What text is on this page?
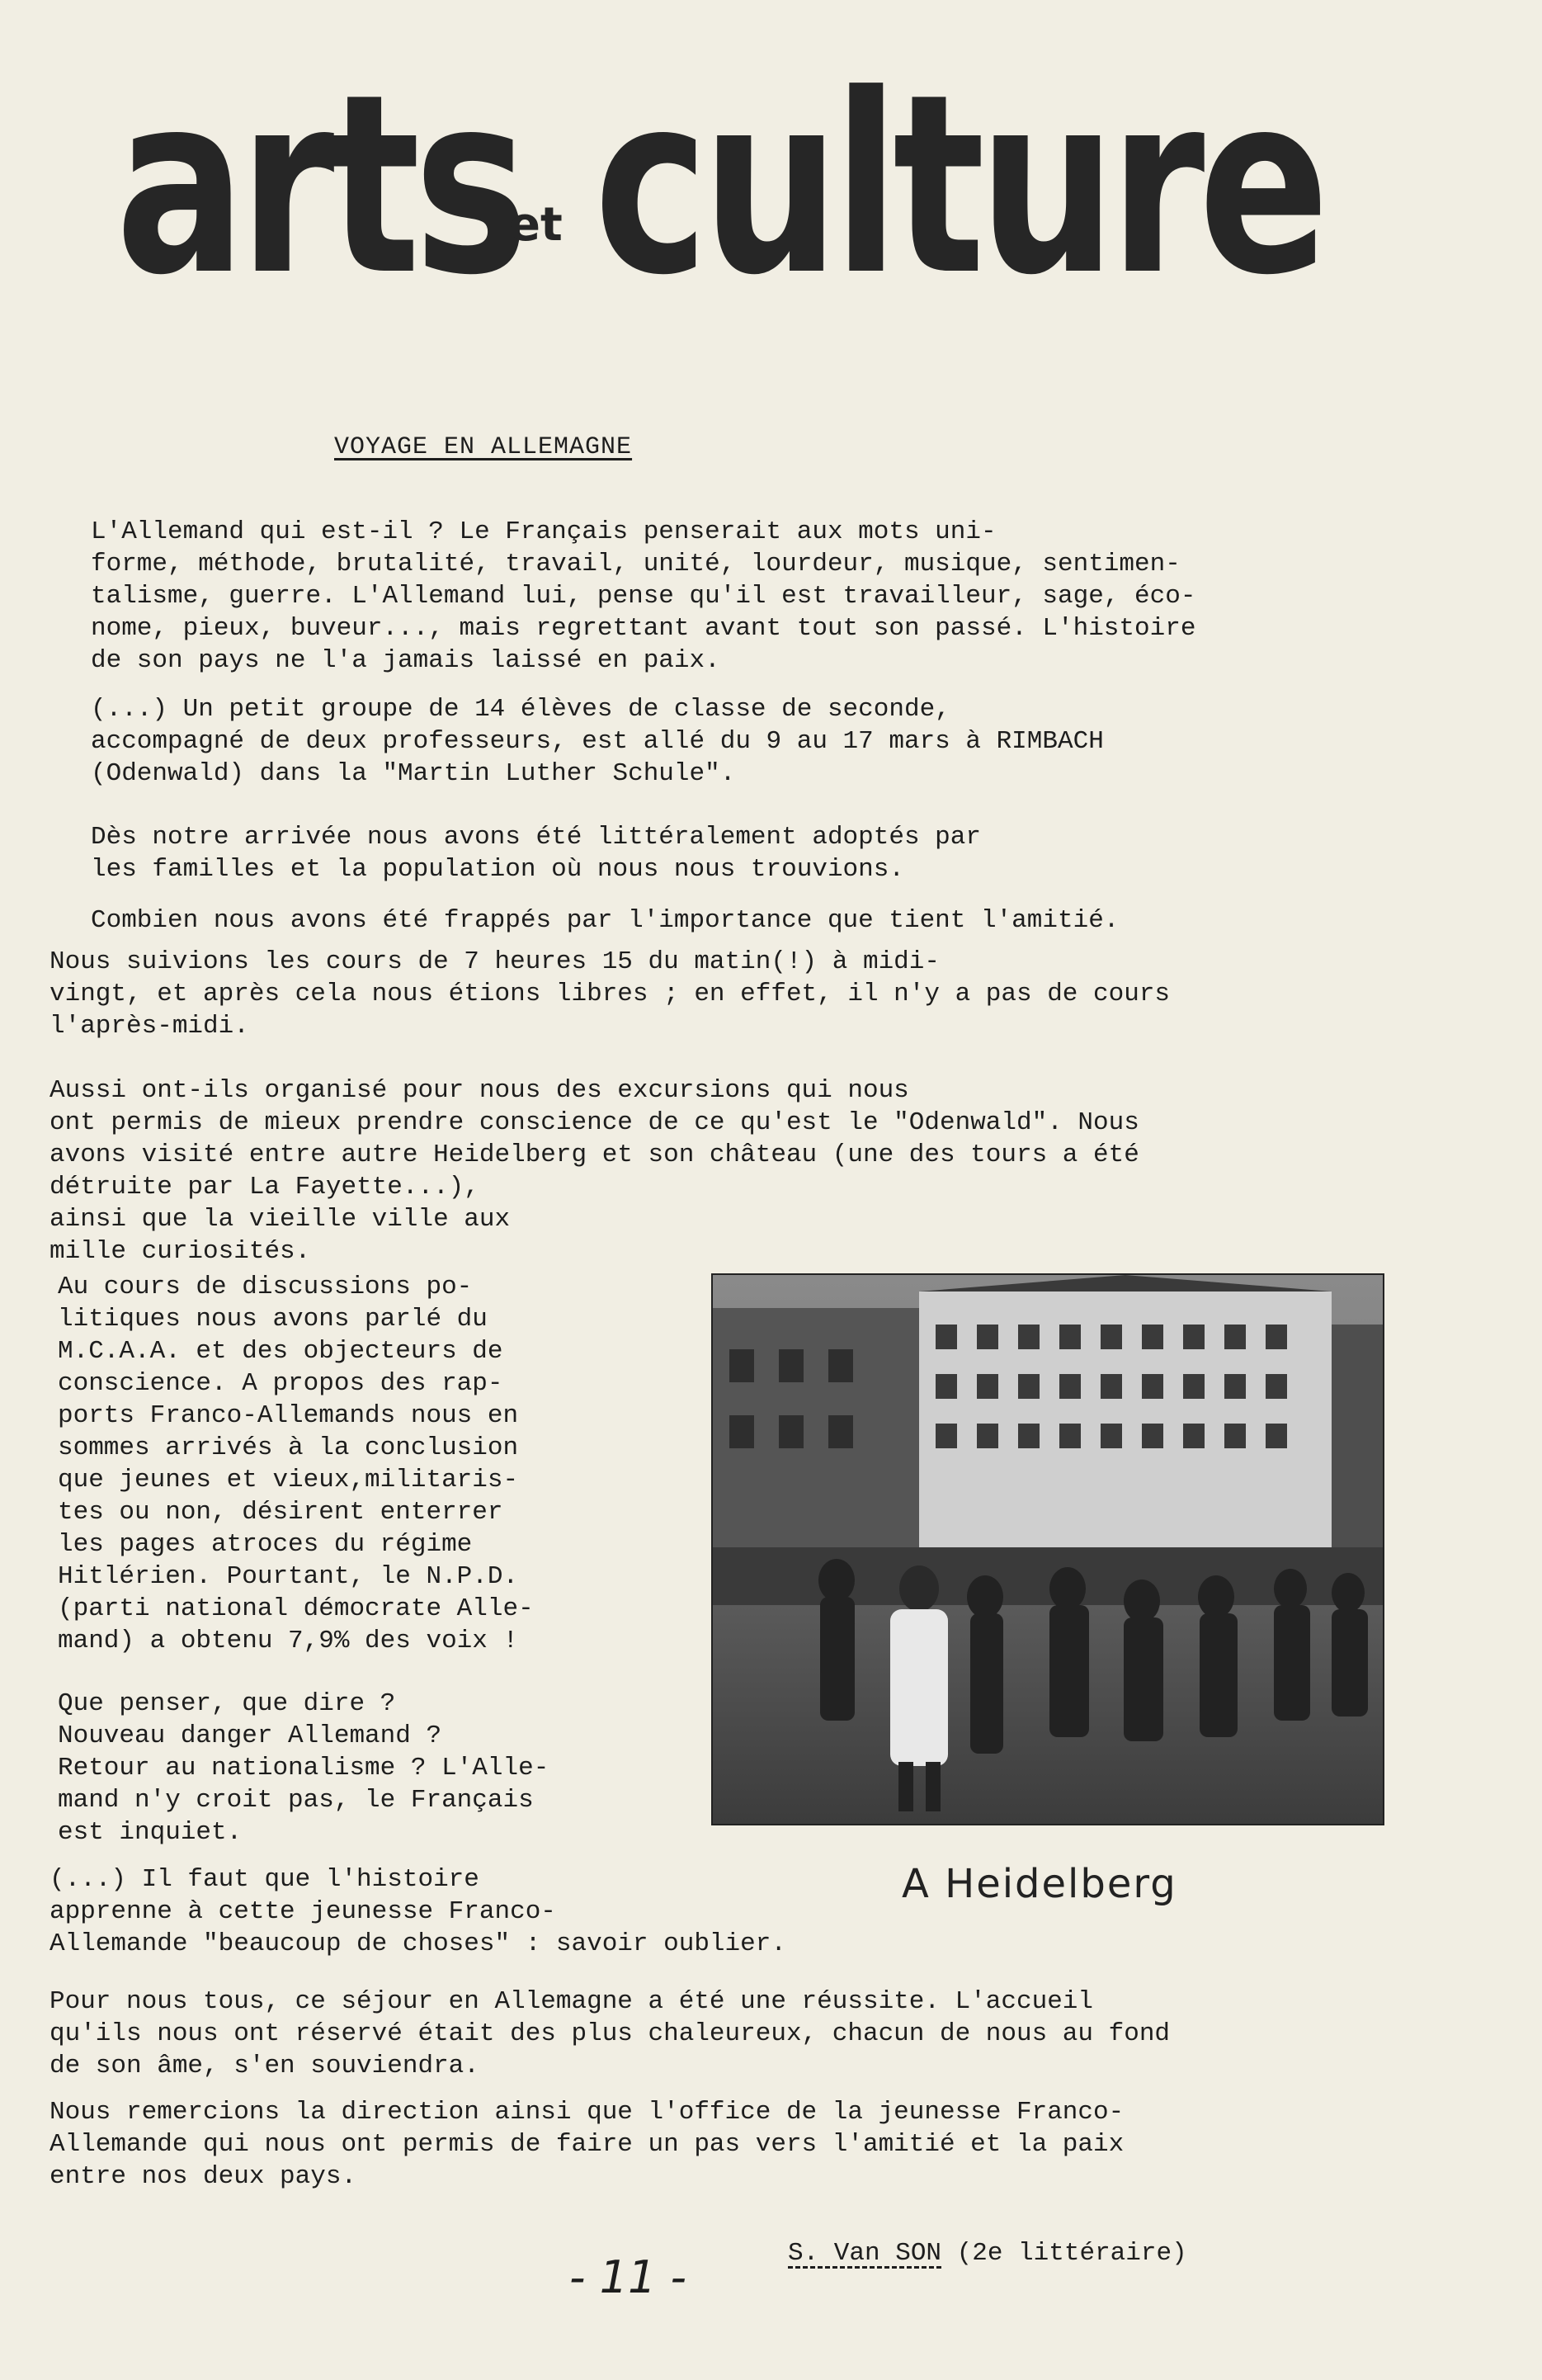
arts
et culture
VOYAGE EN ALLEMAGNE
L'Allemand qui est-il ? Le Français penserait aux mots uni-
forme, méthode, brutalité, travail, unité, lourdeur, musique, sentimen-
talisme, guerre. L'Allemand lui, pense qu'il est travailleur, sage, éco-
nome, pieux, buveur..., mais regrettant avant tout son passé. L'histoire
de son pays ne l'a jamais laissé en paix.
(...) Un petit groupe de 14 élèves de classe de seconde,
accompagné de deux professeurs, est allé du 9 au 17 mars à RIMBACH
(Odenwald) dans la "Martin Luther Schule".
Dès notre arrivée nous avons été littéralement adoptés par
les familles et la population où nous nous trouvions.
Combien nous avons été frappés par l'importance que tient l'amitié.
Nous suivions les cours de 7 heures 15 du matin(!) à midi-
vingt, et après cela nous étions libres ; en effet, il n'y a pas de cours
l'après-midi.
Aussi ont-ils organisé pour nous des excursions qui nous
ont permis de mieux prendre conscience de ce qu'est le "Odenwald". Nous
avons visité entre autre Heidelberg et son château (une des tours a été
détruite par La Fayette...),
ainsi que la vieille ville aux
mille curiosités.
Au cours de discussions po-
litiques nous avons parlé du
M.C.A.A. et des objecteurs de
conscience. A propos des rap-
ports Franco-Allemands nous en
sommes arrivés à la conclusion
que jeunes et vieux,militaris-
tes ou non, désirent enterrer
les pages atroces du régime
Hitlérien. Pourtant, le N.P.D.
(parti national démocrate Alle-
mand) a obtenu 7,9% des voix !
Que penser, que dire ?
Nouveau danger Allemand ?
Retour au nationalisme ? L'Alle-
mand n'y croit pas, le Français
est inquiet.
(...) Il faut que l'histoire
apprenne à cette jeunesse Franco-
Allemande "beaucoup de choses" : savoir oublier.
Pour nous tous, ce séjour en Allemagne a été une réussite. L'accueil
qu'ils nous ont réservé était des plus chaleureux, chacun de nous au fond
de son âme, s'en souviendra.
Nous remercions la direction ainsi que l'office de la jeunesse Franco-
Allemande qui nous ont permis de faire un pas vers l'amitié et la paix
entre nos deux pays.
A Heidelberg
S. Van SON (2e littéraire)
- 11 -
